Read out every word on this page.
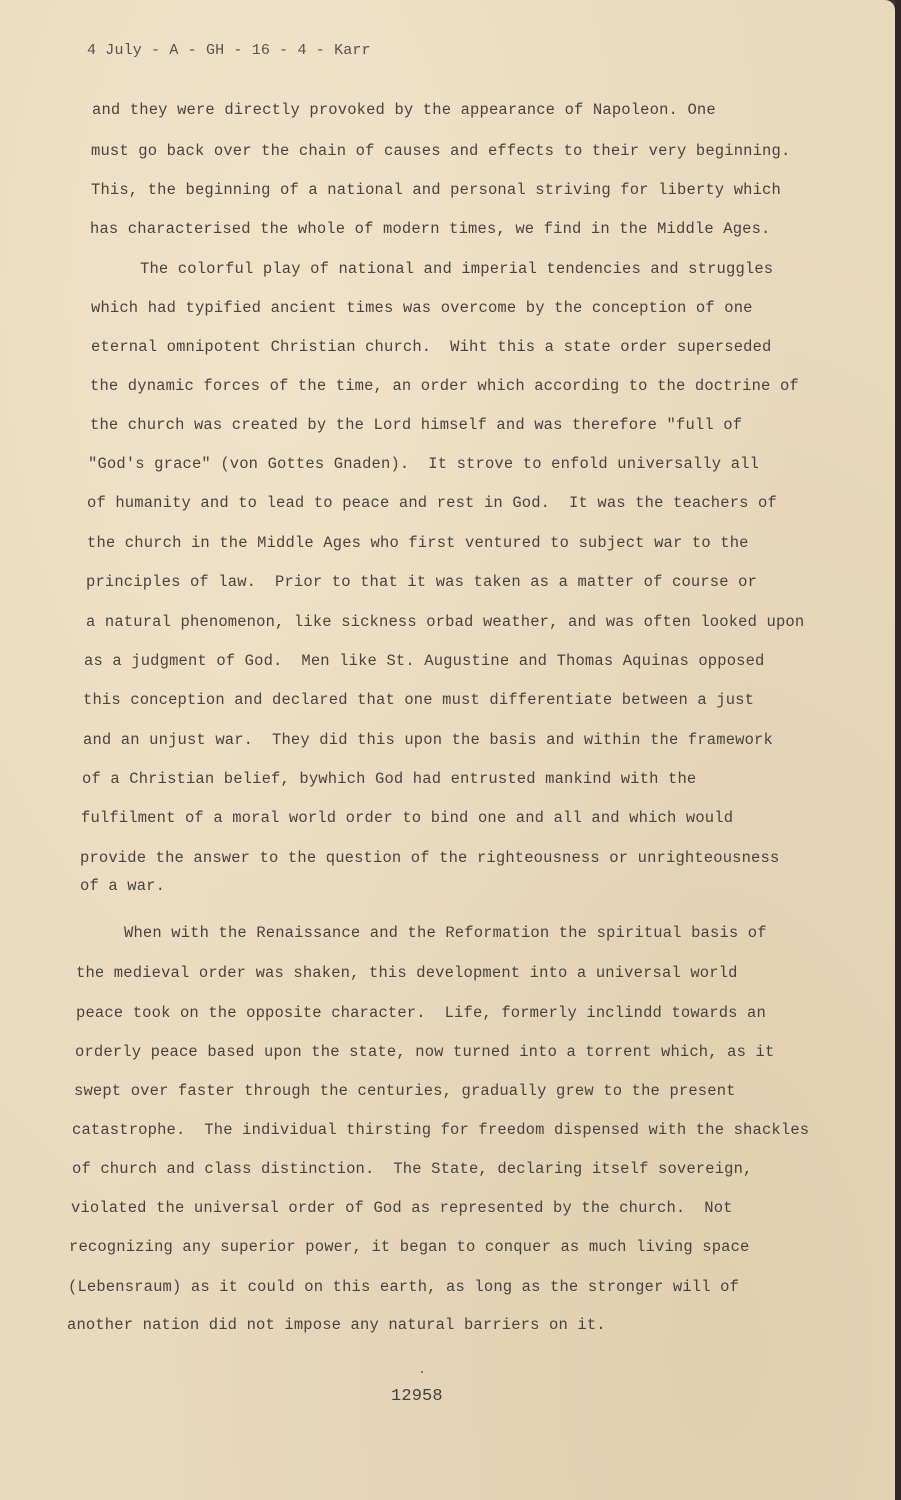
4 July - A - GH - 16 - 4 - Karr
and they were directly provoked by the appearance of Napoleon. One
must go back over the chain of causes and effects to their very beginning.
This, the beginning of a national and personal striving for liberty which
has characterised the whole of modern times, we find in the Middle Ages.
The colorful play of national and imperial tendencies and struggles
which had typified ancient times was overcome by the conception of one
eternal omnipotent Christian church.  Wiht this a state order superseded
the dynamic forces of the time, an order which according to the doctrine of
the church was created by the Lord himself and was therefore "full of
"God's grace" (von Gottes Gnaden).  It strove to enfold universally all
of humanity and to lead to peace and rest in God.  It was the teachers of
the church in the Middle Ages who first ventured to subject war to the
principles of law.  Prior to that it was taken as a matter of course or
a natural phenomenon, like sickness orbad weather, and was often looked upon
as a judgment of God.  Men like St. Augustine and Thomas Aquinas opposed
this conception and declared that one must differentiate between a just
and an unjust war.  They did this upon the basis and within the framework
of a Christian belief, bywhich God had entrusted mankind with the
fulfilment of a moral world order to bind one and all and which would
provide the answer to the question of the righteousness or unrighteousness
of a war.
When with the Renaissance and the Reformation the spiritual basis of
the medieval order was shaken, this development into a universal world
peace took on the opposite character.  Life, formerly inclindd towards an
orderly peace based upon the state, now turned into a torrent which, as it
swept over faster through the centuries, gradually grew to the present
catastrophe.  The individual thirsting for freedom dispensed with the shackles
of church and class distinction.  The State, declaring itself sovereign,
violated the universal order of God as represented by the church.  Not
recognizing any superior power, it began to conquer as much living space
(Lebensraum) as it could on this earth, as long as the stronger will of
another nation did not impose any natural barriers on it.
12958
